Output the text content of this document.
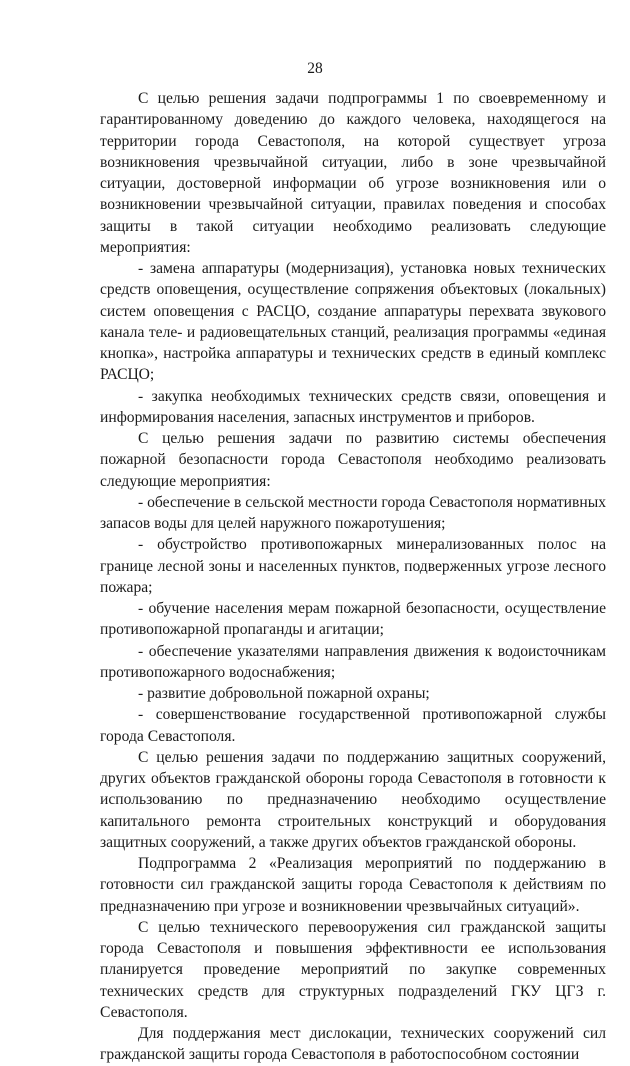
28

С целью решения задачи подпрограммы 1 по своевременному и гарантированному доведению до каждого человека, находящегося на территории города Севастополя, на которой существует угроза возникновения чрезвычайной ситуации, либо в зоне чрезвычайной ситуации, достоверной информации об угрозе возникновения или о возникновении чрезвычайной ситуации, правилах поведения и способах защиты в такой ситуации необходимо реализовать следующие мероприятия:

- замена аппаратуры (модернизация), установка новых технических средств оповещения, осуществление сопряжения объектовых (локальных) систем оповещения с РАСЦО, создание аппаратуры перехвата звукового канала теле- и радиовещательных станций, реализация программы «единая кнопка», настройка аппаратуры и технических средств в единый комплекс РАСЦО;

- закупка необходимых технических средств связи, оповещения и информирования населения, запасных инструментов и приборов.

С целью решения задачи по развитию системы обеспечения пожарной безопасности города Севастополя необходимо реализовать следующие мероприятия:

- обеспечение в сельской местности города Севастополя нормативных запасов воды для целей наружного пожаротушения;

- обустройство противопожарных минерализованных полос на границе лесной зоны и населенных пунктов, подверженных угрозе лесного пожара;

- обучение населения мерам пожарной безопасности, осуществление противопожарной пропаганды и агитации;

- обеспечение указателями направления движения к водоисточникам противопожарного водоснабжения;

- развитие добровольной пожарной охраны;

- совершенствование государственной противопожарной службы города Севастополя.

С целью решения задачи по поддержанию защитных сооружений, других объектов гражданской обороны города Севастополя в готовности к использованию по предназначению необходимо осуществление капитального ремонта строительных конструкций и оборудования защитных сооружений, а также других объектов гражданской обороны.

Подпрограмма 2 «Реализация мероприятий по поддержанию в готовности сил гражданской защиты города Севастополя к действиям по предназначению при угрозе и возникновении чрезвычайных ситуаций».

С целью технического перевооружения сил гражданской защиты города Севастополя и повышения эффективности ее использования планируется проведение мероприятий по закупке современных технических средств для структурных подразделений ГКУ ЦГЗ г. Севастополя.

Для поддержания мест дислокации, технических сооружений сил гражданской защиты города Севастополя в работоспособном состоянии
